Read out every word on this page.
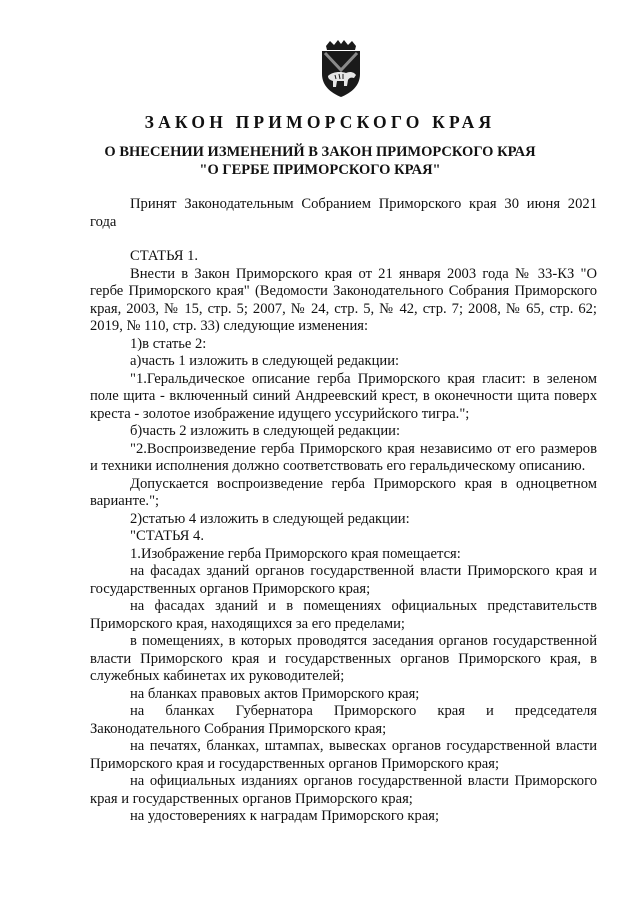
ЗАКОН ПРИМОРСКОГО КРАЯ
О ВНЕСЕНИИ ИЗМЕНЕНИЙ В ЗАКОН ПРИМОРСКОГО КРАЯ
"О ГЕРБЕ ПРИМОРСКОГО КРАЯ"

Принят Законодательным Собранием Приморского края 30 июня 2021 года

СТАТЬЯ 1.

Внести в Закон Приморского края от 21 января 2003 года № 33-КЗ "О гербе Приморского края" (Ведомости Законодательного Собрания Приморского края, 2003, № 15, стр. 5; 2007, № 24, стр. 5, № 42, стр. 7; 2008, № 65, стр. 62; 2019, № 110, стр. 33) следующие изменения:

1)в статье 2:

а)часть 1 изложить в следующей редакции:

"1.Геральдическое описание герба Приморского края гласит: в зеленом поле щита - включенный синий Андреевский крест, в оконечности щита поверх креста - золотое изображение идущего уссурийского тигра.";

б)часть 2 изложить в следующей редакции:

"2.Воспроизведение герба Приморского края независимо от его размеров и техники исполнения должно соответствовать его геральдическому описанию.

Допускается воспроизведение герба Приморского края в одноцветном варианте.";

2)статью 4 изложить в следующей редакции:

"СТАТЬЯ 4.

1.Изображение герба Приморского края помещается:

на фасадах зданий органов государственной власти Приморского края и государственных органов Приморского края;

на фасадах зданий и в помещениях официальных представительств Приморского края, находящихся за его пределами;

в помещениях, в которых проводятся заседания органов государственной власти Приморского края и государственных органов Приморского края, в служебных кабинетах их руководителей;

на бланках правовых актов Приморского края;

на бланках Губернатора Приморского края и председателя Законодательного Собрания Приморского края;

на печатях, бланках, штампах, вывесках органов государственной власти Приморского края и государственных органов Приморского края;

на официальных изданиях органов государственной власти Приморского края и государственных органов Приморского края;

на удостоверениях к наградам Приморского края;
